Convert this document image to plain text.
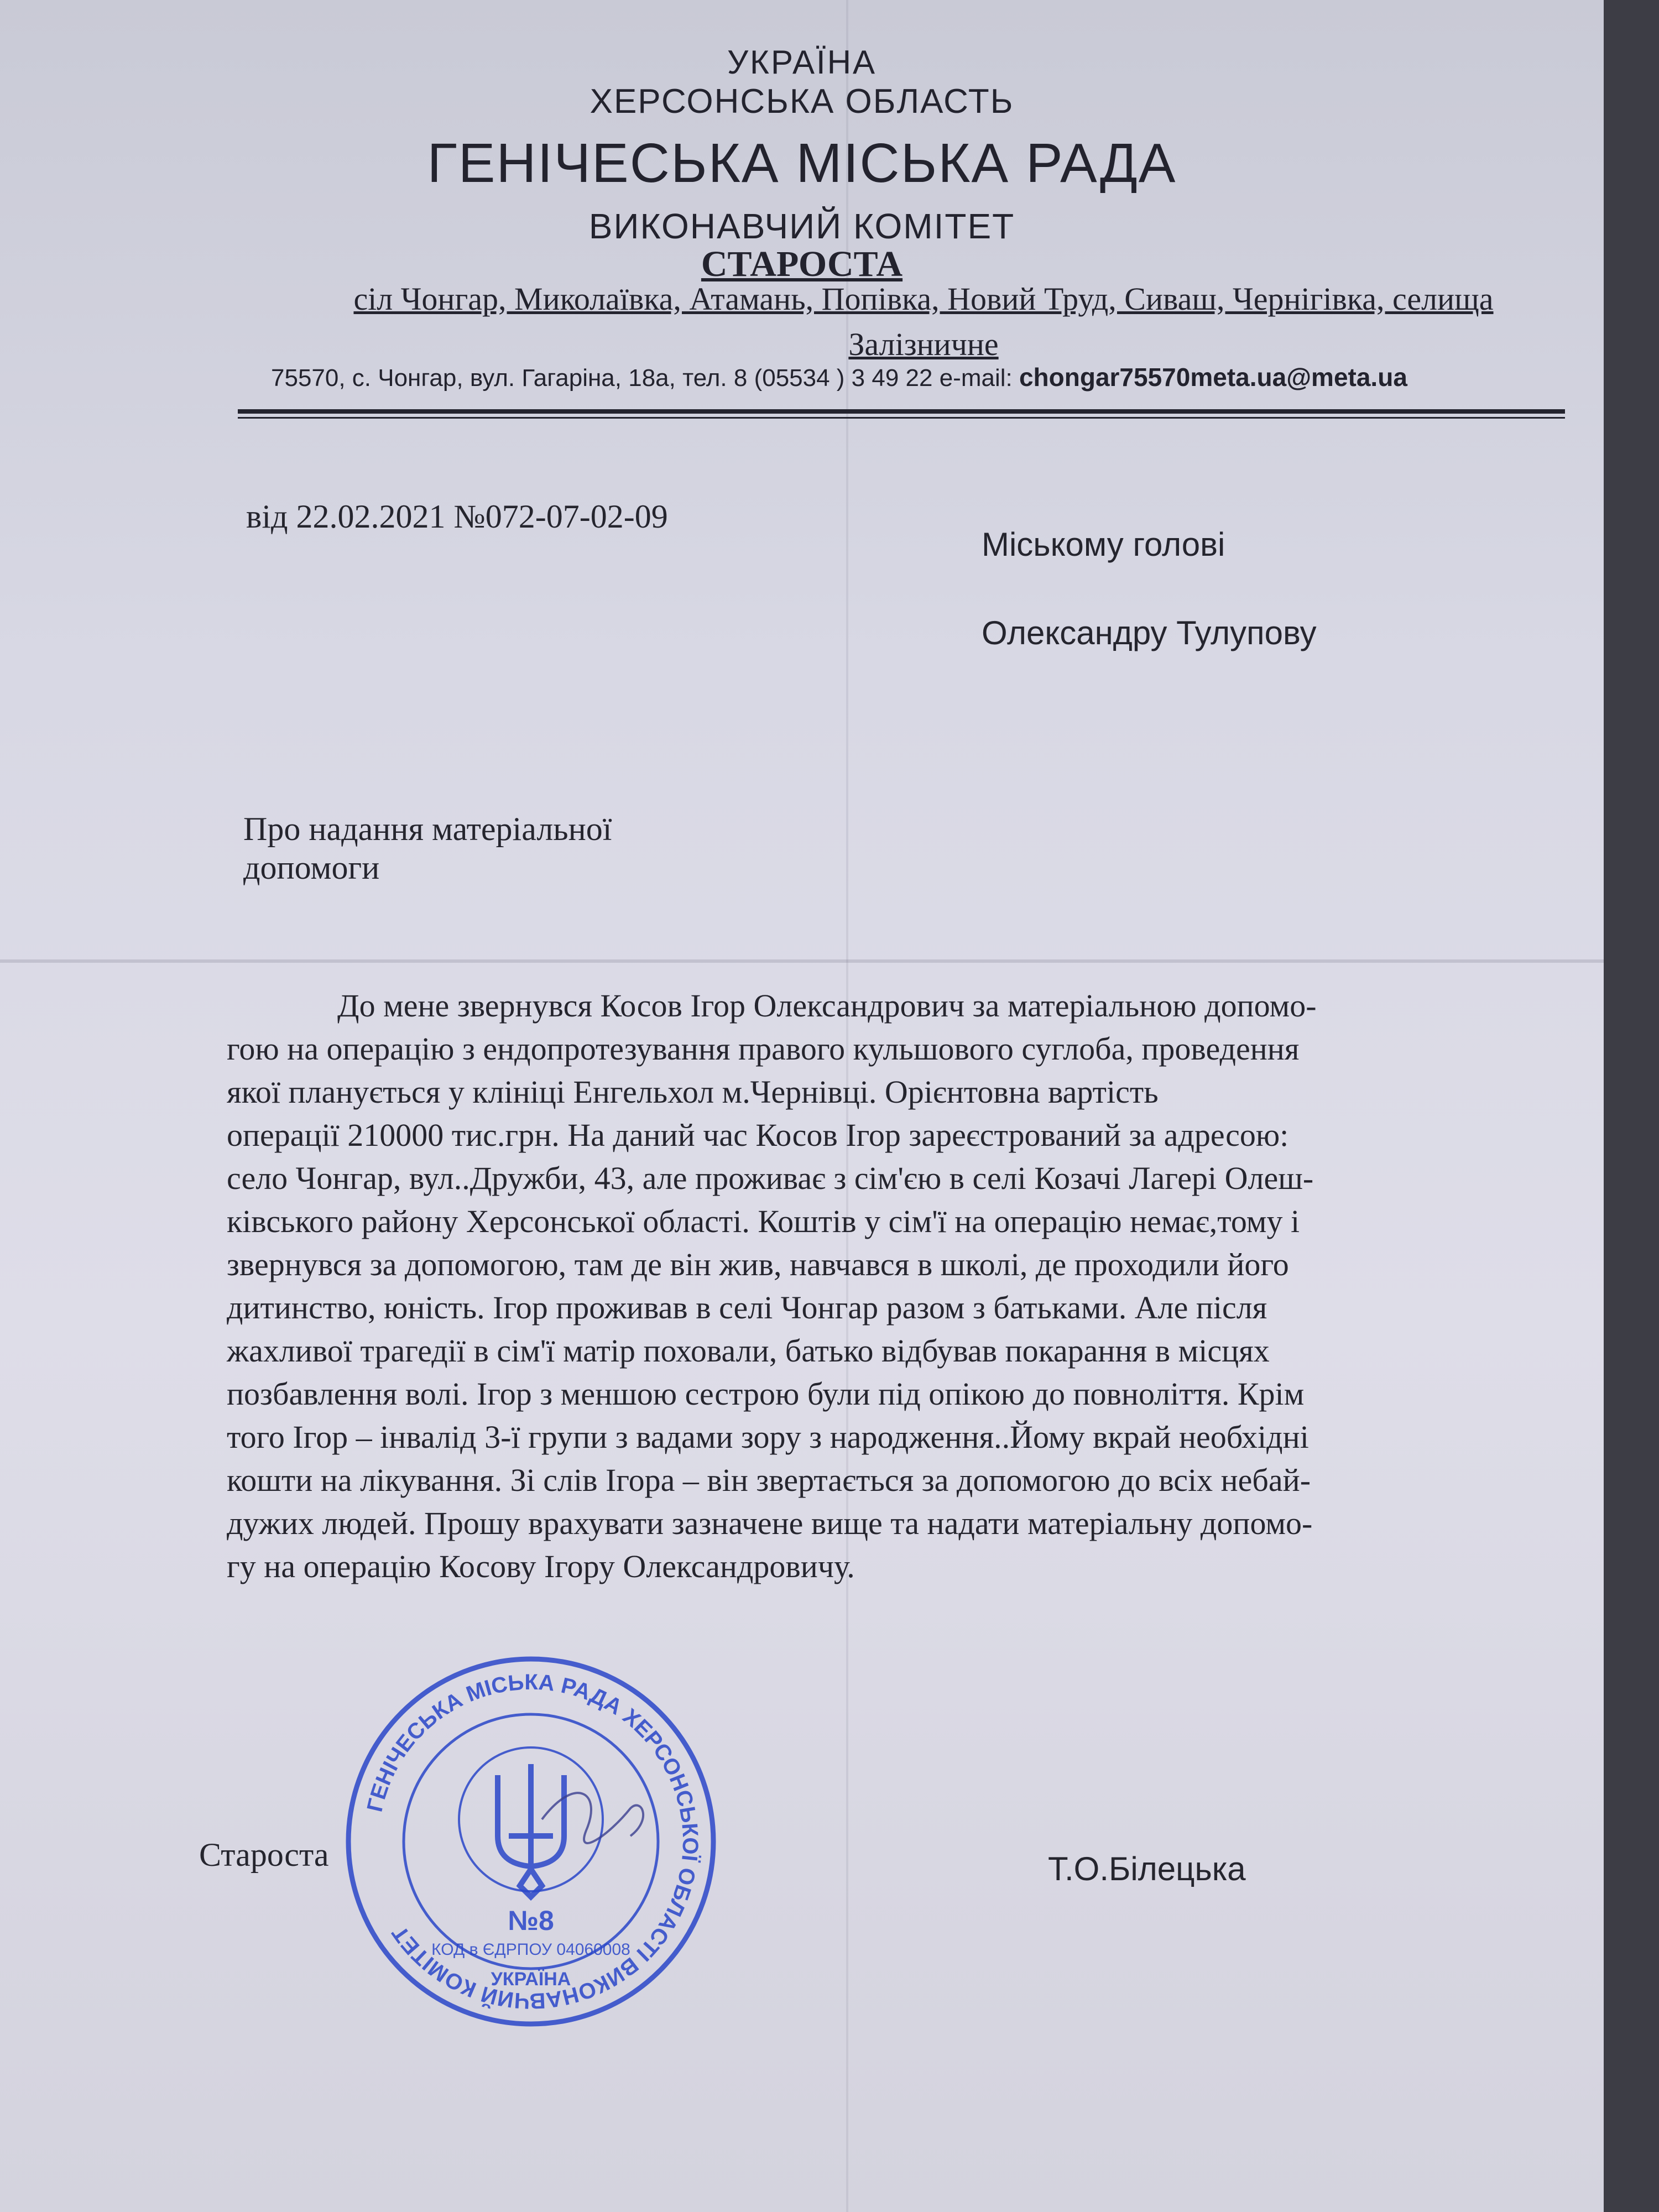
УКРАЇНА
ХЕРСОНСЬКА ОБЛАСТЬ
ГЕНІЧЕСЬКА МІСЬКА РАДА
ВИКОНАВЧИЙ КОМІТЕТ
СТАРОСТА
сіл Чонгар, Миколаївка, Атамань, Попівка, Новий Труд, Сиваш, Чернігівка, селища Залізничне
75570, с. Чонгар, вул. Гагаріна, 18а, тел. 8 (05534 ) 3 49 22 e-mail: chongar75570meta.ua@meta.ua
від 22.02.2021 №072-07-02-09
Міському голові
Олександру Тулупову
Про надання матеріальної
допомоги
До мене звернувся Косов Ігор Олександрович за матеріальною допомо-
гою на операцію з ендопротезування правого кульшового суглоба, проведення
якої планується у клініці Енгельхол м.Чернівці. Орієнтовна вартість
операції 210000 тис.грн. На даний час Косов Ігор зареєстрований за адресою:
село Чонгар, вул..Дружби, 43, але проживає з сім'єю в селі Козачі Лагері Олеш-
ківського району Херсонської області. Коштів у сім'ї на операцію немає,тому і
звернувся за допомогою, там де він жив, навчався в школі, де проходили його
дитинство, юність. Ігор проживав в селі Чонгар разом з батьками. Але після
жахливої трагедії в сім'ї матір поховали, батько відбував покарання в місцях
позбавлення волі. Ігор з меншою сестрою були під опікою до повноліття. Крім
того Ігор – інвалід 3-ї групи з вадами зору з народження..Йому вкрай необхідні
кошти на лікування. Зі слів Ігора – він звертається за допомогою до всіх небай-
дужих людей. Прошу врахувати зазначене вище та надати матеріальну допомо-
гу на операцію Косову Ігору Олександровичу.
Староста	Т.О.Білецька
ГЕНІЧЕСЬКА МІСЬКА РАДА ХЕРСОНСЬКОЇ ОБЛАСТІ ВИКОНАВЧИЙ КОМІТЕТ	№8
КОД в ЄДРПОУ 04060008
УКРАЇНА
